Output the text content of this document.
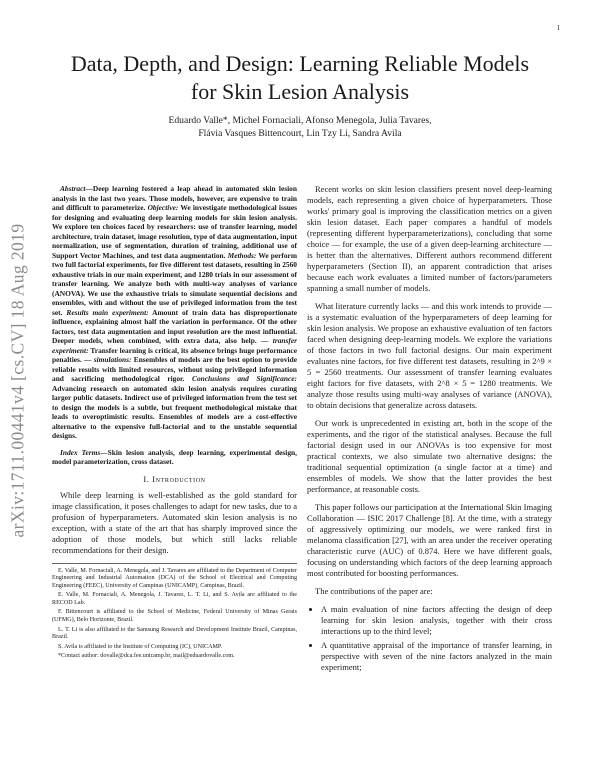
1
arXiv:1711.00441v4 [cs.CV] 18 Aug 2019
Data, Depth, and Design: Learning Reliable Models
for Skin Lesion Analysis
Eduardo Valle*, Michel Fornaciali, Afonso Menegola, Julia Tavares,
Flávia Vasques Bittencourt, Lin Tzy Li, Sandra Avila

Abstract—Deep learning fostered a leap ahead in automated skin lesion analysis in the last two years. Those models, however, are expensive to train and difficult to parameterize. Objective: We investigate methodological issues for designing and evaluating deep learning models for skin lesion analysis. We explore ten choices faced by researchers: use of transfer learning, model architecture, train dataset, image resolution, type of data augmentation, input normalization, use of segmentation, duration of training, additional use of Support Vector Machines, and test data augmentation. Methods: We perform two full factorial experiments, for five different test datasets, resulting in 2560 exhaustive trials in our main experiment, and 1280 trials in our assessment of transfer learning. We analyze both with multi-way analyses of variance (ANOVA). We use the exhaustive trials to simulate sequential decisions and ensembles, with and without the use of privileged information from the test set. Results main experiment: Amount of train data has disproportionate influence, explaining almost half the variation in performance. Of the other factors, test data augmentation and input resolution are the most influential. Deeper models, when combined, with extra data, also help. — transfer experiment: Transfer learning is critical, its absence brings huge performance penalties. — simulations: Ensembles of models are the best option to provide reliable results with limited resources, without using privileged information and sacrificing methodological rigor. Conclusions and Significance: Advancing research on automated skin lesion analysis requires curating larger public datasets. Indirect use of privileged information from the test set to design the models is a subtle, but frequent methodological mistake that leads to overoptimistic results. Ensembles of models are a cost-effective alternative to the expensive full-factorial and to the unstable sequential designs.

Index Terms—Skin lesion analysis, deep learning, experimental design, model parameterization, cross dataset.

I. Introduction

While deep learning is well-established as the gold standard for image classification, it poses challenges to adapt for new tasks, due to a profusion of hyperparameters. Automated skin lesion analysis is no exception, with a state of the art that has sharply improved since the adoption of those models, but which still lacks reliable recommendations for their design.

E. Valle, M. Fornaciali, A. Menegola, and J. Tavares are affiliated to the Department of Computer Engineering and Industrial Automation (DCA) of the School of Electrical and Computing Engineering (FEEC), University of Campinas (UNICAMP), Campinas, Brazil.

E. Valle, M. Fornaciali, A. Menegola, J. Tavares, L. T. Li, and S. Avila are affiliated to the RECOD Lab.

F. Bittencourt is affiliated to the School of Medicine, Federal University of Minas Gerais (UFMG), Belo Horizonte, Brazil.

L. T. Li is also affiliated to the Samsung Research and Development Institute Brazil, Campinas, Brazil.

S. Avila is affiliated to the Institute of Computing (IC), UNICAMP.

*Contact author: dovalle@dca.fee.unicamp.br, mail@eduardovalle.com.

Recent works on skin lesion classifiers present novel deep-learning models, each representing a given choice of hyperparameters. Those works' primary goal is improving the classification metrics on a given skin lesion dataset. Each paper compares a handful of models (representing different hyperparameterizations), concluding that some choice — for example, the use of a given deep-learning architecture — is better than the alternatives. Different authors recommend different hyperparameters (Section II), an apparent contradiction that arises because each work evaluates a limited number of factors/parameters spanning a small number of models.

What literature currently lacks — and this work intends to provide — is a systematic evaluation of the hyperparameters of deep learning for skin lesion analysis. We propose an exhaustive evaluation of ten factors faced when designing deep-learning models. We explore the variations of those factors in two full factorial designs. Our main experiment evaluates nine factors, for five different test datasets, resulting in 2^9 × 5 = 2560 treatments. Our assessment of transfer learning evaluates eight factors for five datasets, with 2^8 × 5 = 1280 treatments. We analyze those results using multi-way analyses of variance (ANOVA), to obtain decisions that generalize across datasets.

Our work is unprecedented in existing art, both in the scope of the experiments, and the rigor of the statistical analyses. Because the full factorial design used in our ANOVAs is too expensive for most practical contexts, we also simulate two alternative designs: the traditional sequential optimization (a single factor at a time) and ensembles of models. We show that the latter provides the best performance, at reasonable costs.

This paper follows our participation at the International Skin Imaging Collaboration — ISIC 2017 Challenge [8]. At the time, with a strategy of aggressively optimizing our models, we were ranked first in melanoma classification [27], with an area under the receiver operating characteristic curve (AUC) of 0.874. Here we have different goals, focusing on understanding which factors of the deep learning approach most contributed for boosting performances.

The contributions of the paper are:

• A main evaluation of nine factors affecting the design of deep learning for skin lesion analysis, together with their cross interactions up to the third level;
• A quantitative appraisal of the importance of transfer learning, in perspective with seven of the nine factors analyzed in the main experiment;
